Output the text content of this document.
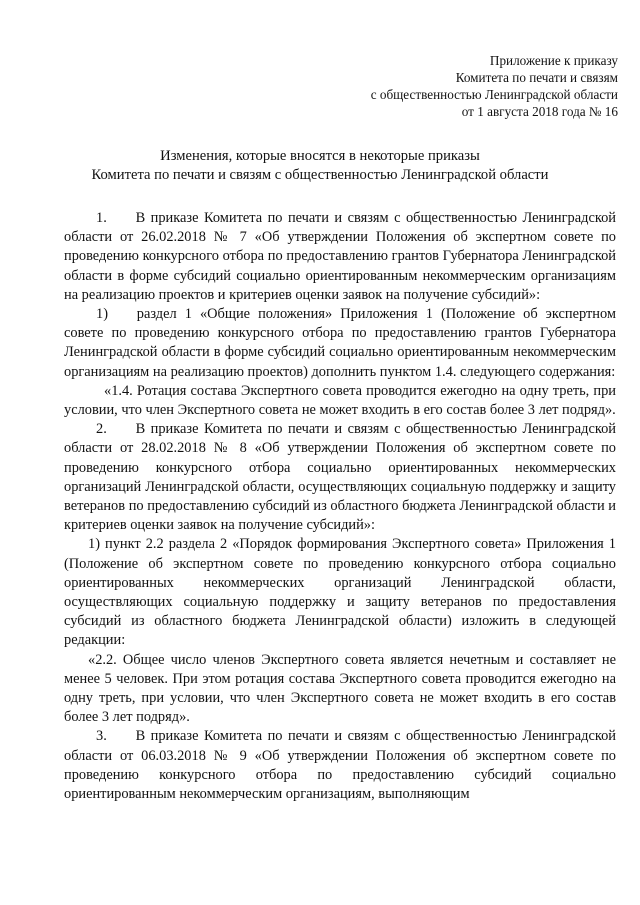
Приложение к приказу
Комитета по печати и связям
с общественностью Ленинградской области
от 1 августа 2018 года № 16
Изменения, которые вносятся в некоторые приказы
Комитета по печати и связям с общественностью Ленинградской области

1.  В приказе Комитета по печати и связям с общественностью Ленинградской области от 26.02.2018 № 7 «Об утверждении Положения об экспертном совете по проведению конкурсного отбора по предоставлению грантов Губернатора Ленинградской области в форме субсидий социально ориентированным некоммерческим организациям на реализацию проектов и критериев оценки заявок на получение субсидий»:

1)  раздел 1 «Общие положения» Приложения 1 (Положение об экспертном совете по проведению конкурсного отбора по предоставлению грантов Губернатора Ленинградской области в форме субсидий социально ориентированным некоммерческим организациям на реализацию проектов) дополнить пунктом 1.4. следующего содержания:

«1.4. Ротация состава Экспертного совета проводится ежегодно на одну треть, при условии, что член Экспертного совета не может входить в его состав более 3 лет подряд».

2.  В приказе Комитета по печати и связям с общественностью Ленинградской области от 28.02.2018 № 8 «Об утверждении Положения об экспертном совете по проведению конкурсного отбора социально ориентированных некоммерческих организаций Ленинградской области, осуществляющих социальную поддержку и защиту ветеранов по предоставлению субсидий из областного бюджета Ленинградской области и критериев оценки заявок на получение субсидий»:

1) пункт 2.2 раздела 2 «Порядок формирования Экспертного совета» Приложения 1 (Положение об экспертном совете по проведению конкурсного отбора социально ориентированных некоммерческих организаций Ленинградской области, осуществляющих социальную поддержку и защиту ветеранов по предоставления субсидий из областного бюджета Ленинградской области) изложить в следующей редакции:

«2.2. Общее число членов Экспертного совета является нечетным и составляет не менее 5 человек. При этом ротация состава Экспертного совета проводится ежегодно на одну треть, при условии, что член Экспертного совета не может входить в его состав более 3 лет подряд».

3.  В приказе Комитета по печати и связям с общественностью Ленинградской области от 06.03.2018 № 9 «Об утверждении Положения об экспертном совете по проведению конкурсного отбора по предоставлению субсидий социально ориентированным некоммерческим организациям, выполняющим
